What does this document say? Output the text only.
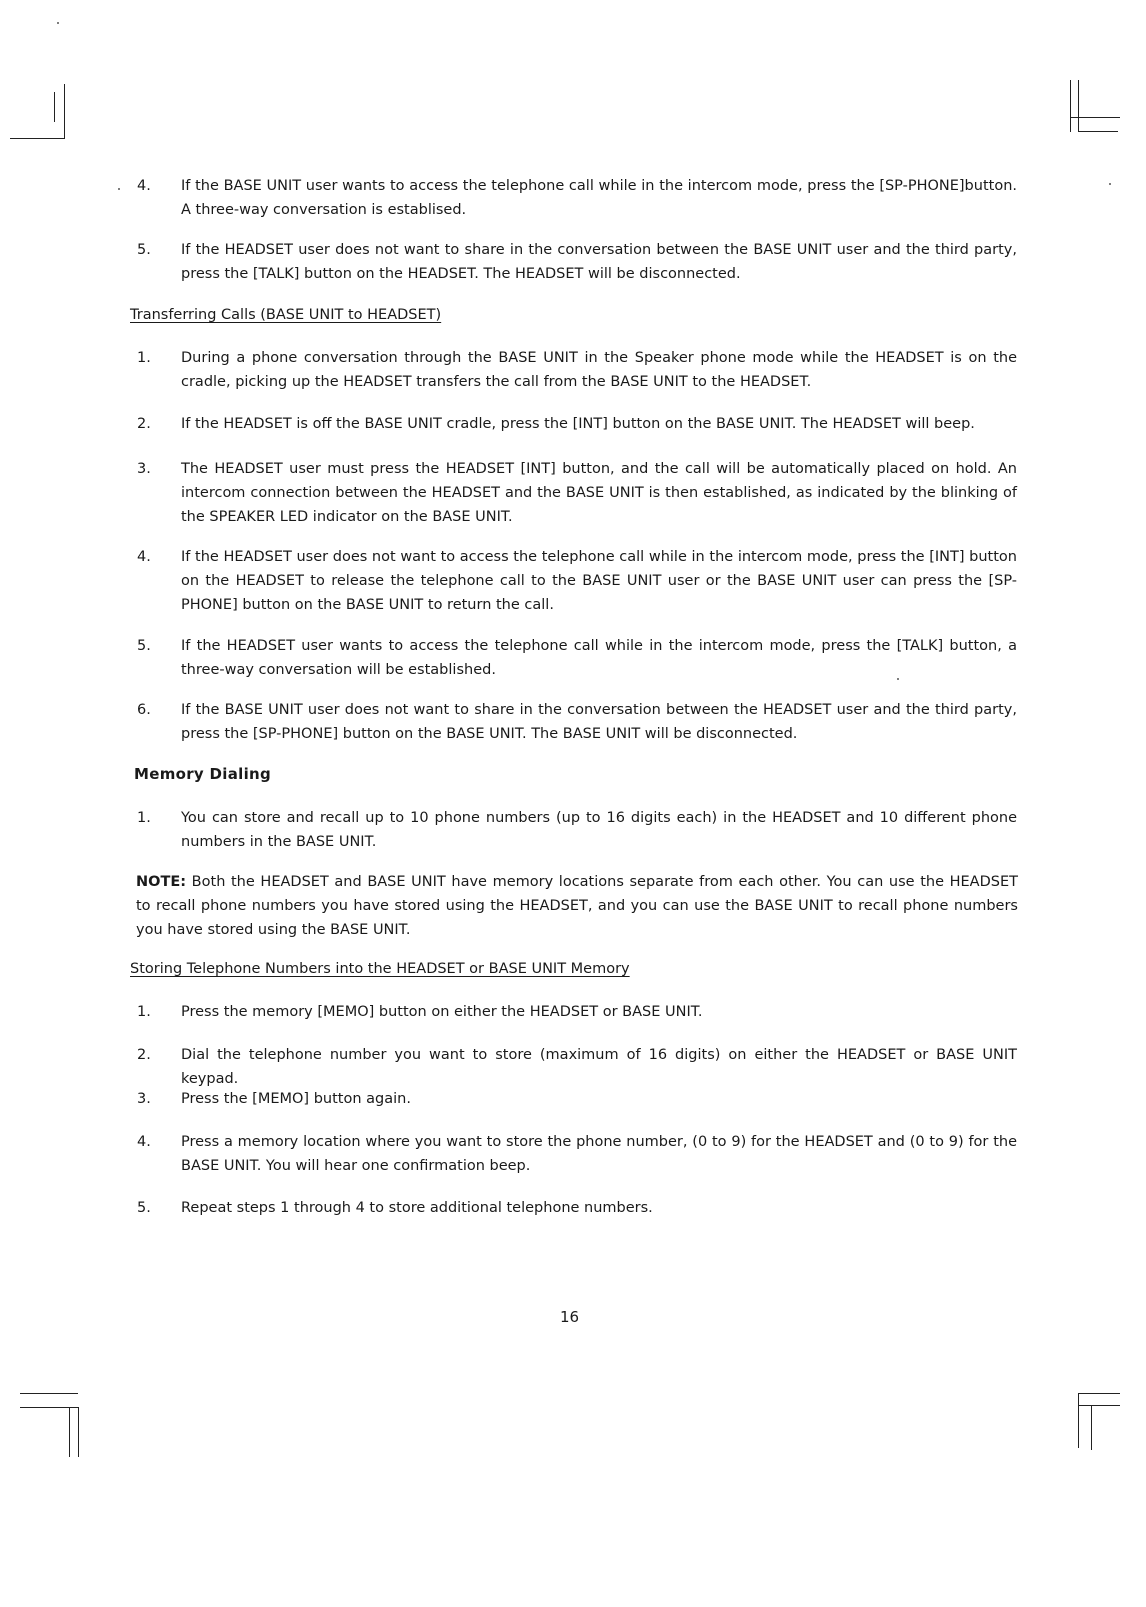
4.	If the BASE UNIT user wants to access the telephone call while in the intercom mode, press the [SP-PHONE]button. A three-way conversation is establised.
5.	If the HEADSET user does not want to share in the conversation between the BASE UNIT user and the third party, press the [TALK] button on the HEADSET. The HEADSET will be disconnected.
Transferring Calls (BASE UNIT to HEADSET)
1.	During a phone conversation through the BASE UNIT in the Speaker phone mode while the HEADSET is on the cradle, picking up the HEADSET transfers the call from the BASE UNIT to the HEADSET.
2.	If the HEADSET is off the BASE UNIT cradle, press the [INT] button on the BASE UNIT. The HEADSET will beep.
3.	The HEADSET user must press the HEADSET [INT] button, and the call will be automatically placed on hold. An intercom connection between the HEADSET and the BASE UNIT is then established, as indicated by the blinking of the SPEAKER LED indicator on the BASE UNIT.
4.	If the HEADSET user does not want to access the telephone call while in the intercom mode, press the [INT] button on the HEADSET to release the telephone call to the BASE UNIT user or the BASE UNIT user can press the [SP-PHONE] button on the BASE UNIT to return the call.
5.	If the HEADSET user wants to access the telephone call while in the intercom mode, press the [TALK] button, a three-way conversation will be established.
6.	If the BASE UNIT user does not want to share in the conversation between the HEADSET user and the third party, press the [SP-PHONE] button on the BASE UNIT. The BASE UNIT will be disconnected.
Memory Dialing
1.	You can store and recall up to 10 phone numbers (up to 16 digits each) in the HEADSET and 10 different phone numbers in the BASE UNIT.
NOTE: Both the HEADSET and BASE UNIT have memory locations separate from each other. You can use the HEADSET to recall phone numbers you have stored using the HEADSET, and you can use the BASE UNIT to recall phone numbers you have stored using the BASE UNIT.
Storing Telephone Numbers into the HEADSET or BASE UNIT Memory
1.	Press the memory [MEMO] button on either the HEADSET or BASE UNIT.
2.	Dial the telephone number you want to store (maximum of 16 digits) on either the HEADSET or BASE UNIT keypad.
3.	Press the [MEMO] button again.
4.	Press a memory location where you want to store the phone number, (0 to 9) for the HEADSET and (0 to 9) for the BASE UNIT. You will hear one confirmation beep.
5.	Repeat steps 1 through 4 to store additional telephone numbers.
16
